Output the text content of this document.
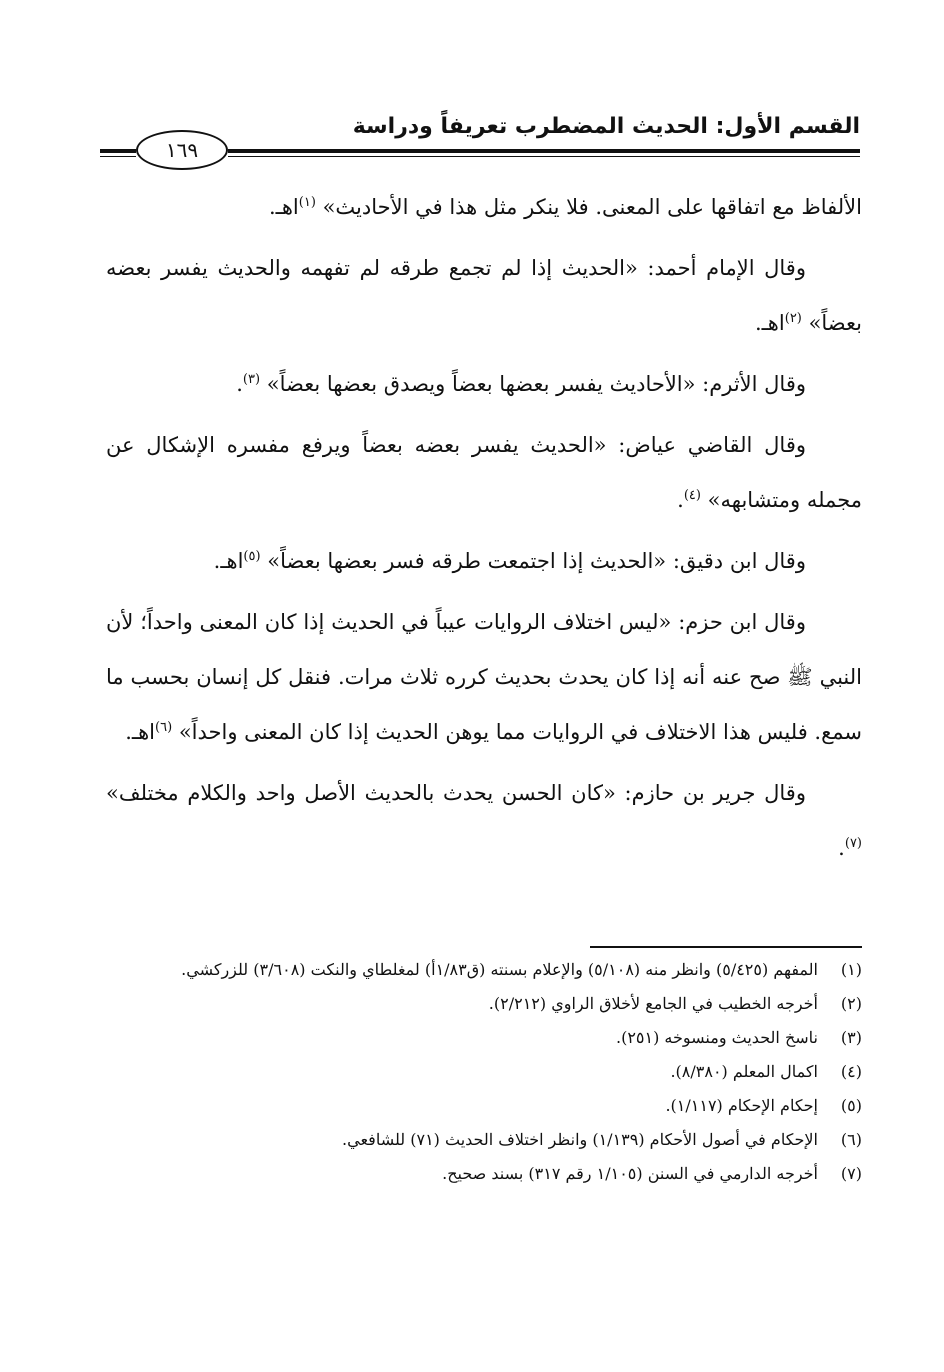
القسم الأول: الحديث المضطرب تعريفاً ودراسة
١٦٩

الألفاظ مع اتفاقها على المعنى. فلا ينكر مثل هذا في الأحاديث» $^{(١)}$اهـ.

وقال الإمام أحمد: «الحديث إذا لم تجمع طرقه لم تفهمه والحديث يفسر بعضه بعضاً» $^{(٢)}$اهـ.

وقال الأثرم: «الأحاديث يفسر بعضها بعضاً ويصدق بعضها بعضاً» $^{(٣)}$.

وقال القاضي عياض: «الحديث يفسر بعضه بعضاً ويرفع مفسره الإشكال عن مجمله ومتشابهه» $^{(٤)}$.

وقال ابن دقيق: «الحديث إذا اجتمعت طرقه فسر بعضها بعضاً» $^{(٥)}$اهـ.

وقال ابن حزم: «ليس اختلاف الروايات عيباً في الحديث إذا كان المعنى واحداً؛ لأن النبي ﷺ صح عنه أنه إذا كان يحدث بحديث كرره ثلاث مرات. فنقل كل إنسان بحسب ما سمع. فليس هذا الاختلاف في الروايات مما يوهن الحديث إذا كان المعنى واحداً» $^{(٦)}$اهـ.

وقال جرير بن حازم: «كان الحسن يحدث بالحديث الأصل واحد والكلام مختلف» $^{(٧)}$.

(١)
المفهم (٥/٤٢٥) وانظر منه (٥/١٠٨) والإعلام بسنته (ق١/٨٣أ) لمغلطاي والنكت (٣/٦٠٨) للزركشي.
(٢)
أخرجه الخطيب في الجامع لأخلاق الراوي (٢/٢١٢).
(٣)
ناسخ الحديث ومنسوخه (٢٥١).
(٤)
اكمال المعلم (٨/٣٨٠).
(٥)
إحكام الإحكام (١/١١٧).
(٦)
الإحكام في أصول الأحكام (١/١٣٩) وانظر اختلاف الحديث (٧١) للشافعي.
(٧)
أخرجه الدارمي في السنن (١/١٠٥ رقم ٣١٧) بسند صحيح.
